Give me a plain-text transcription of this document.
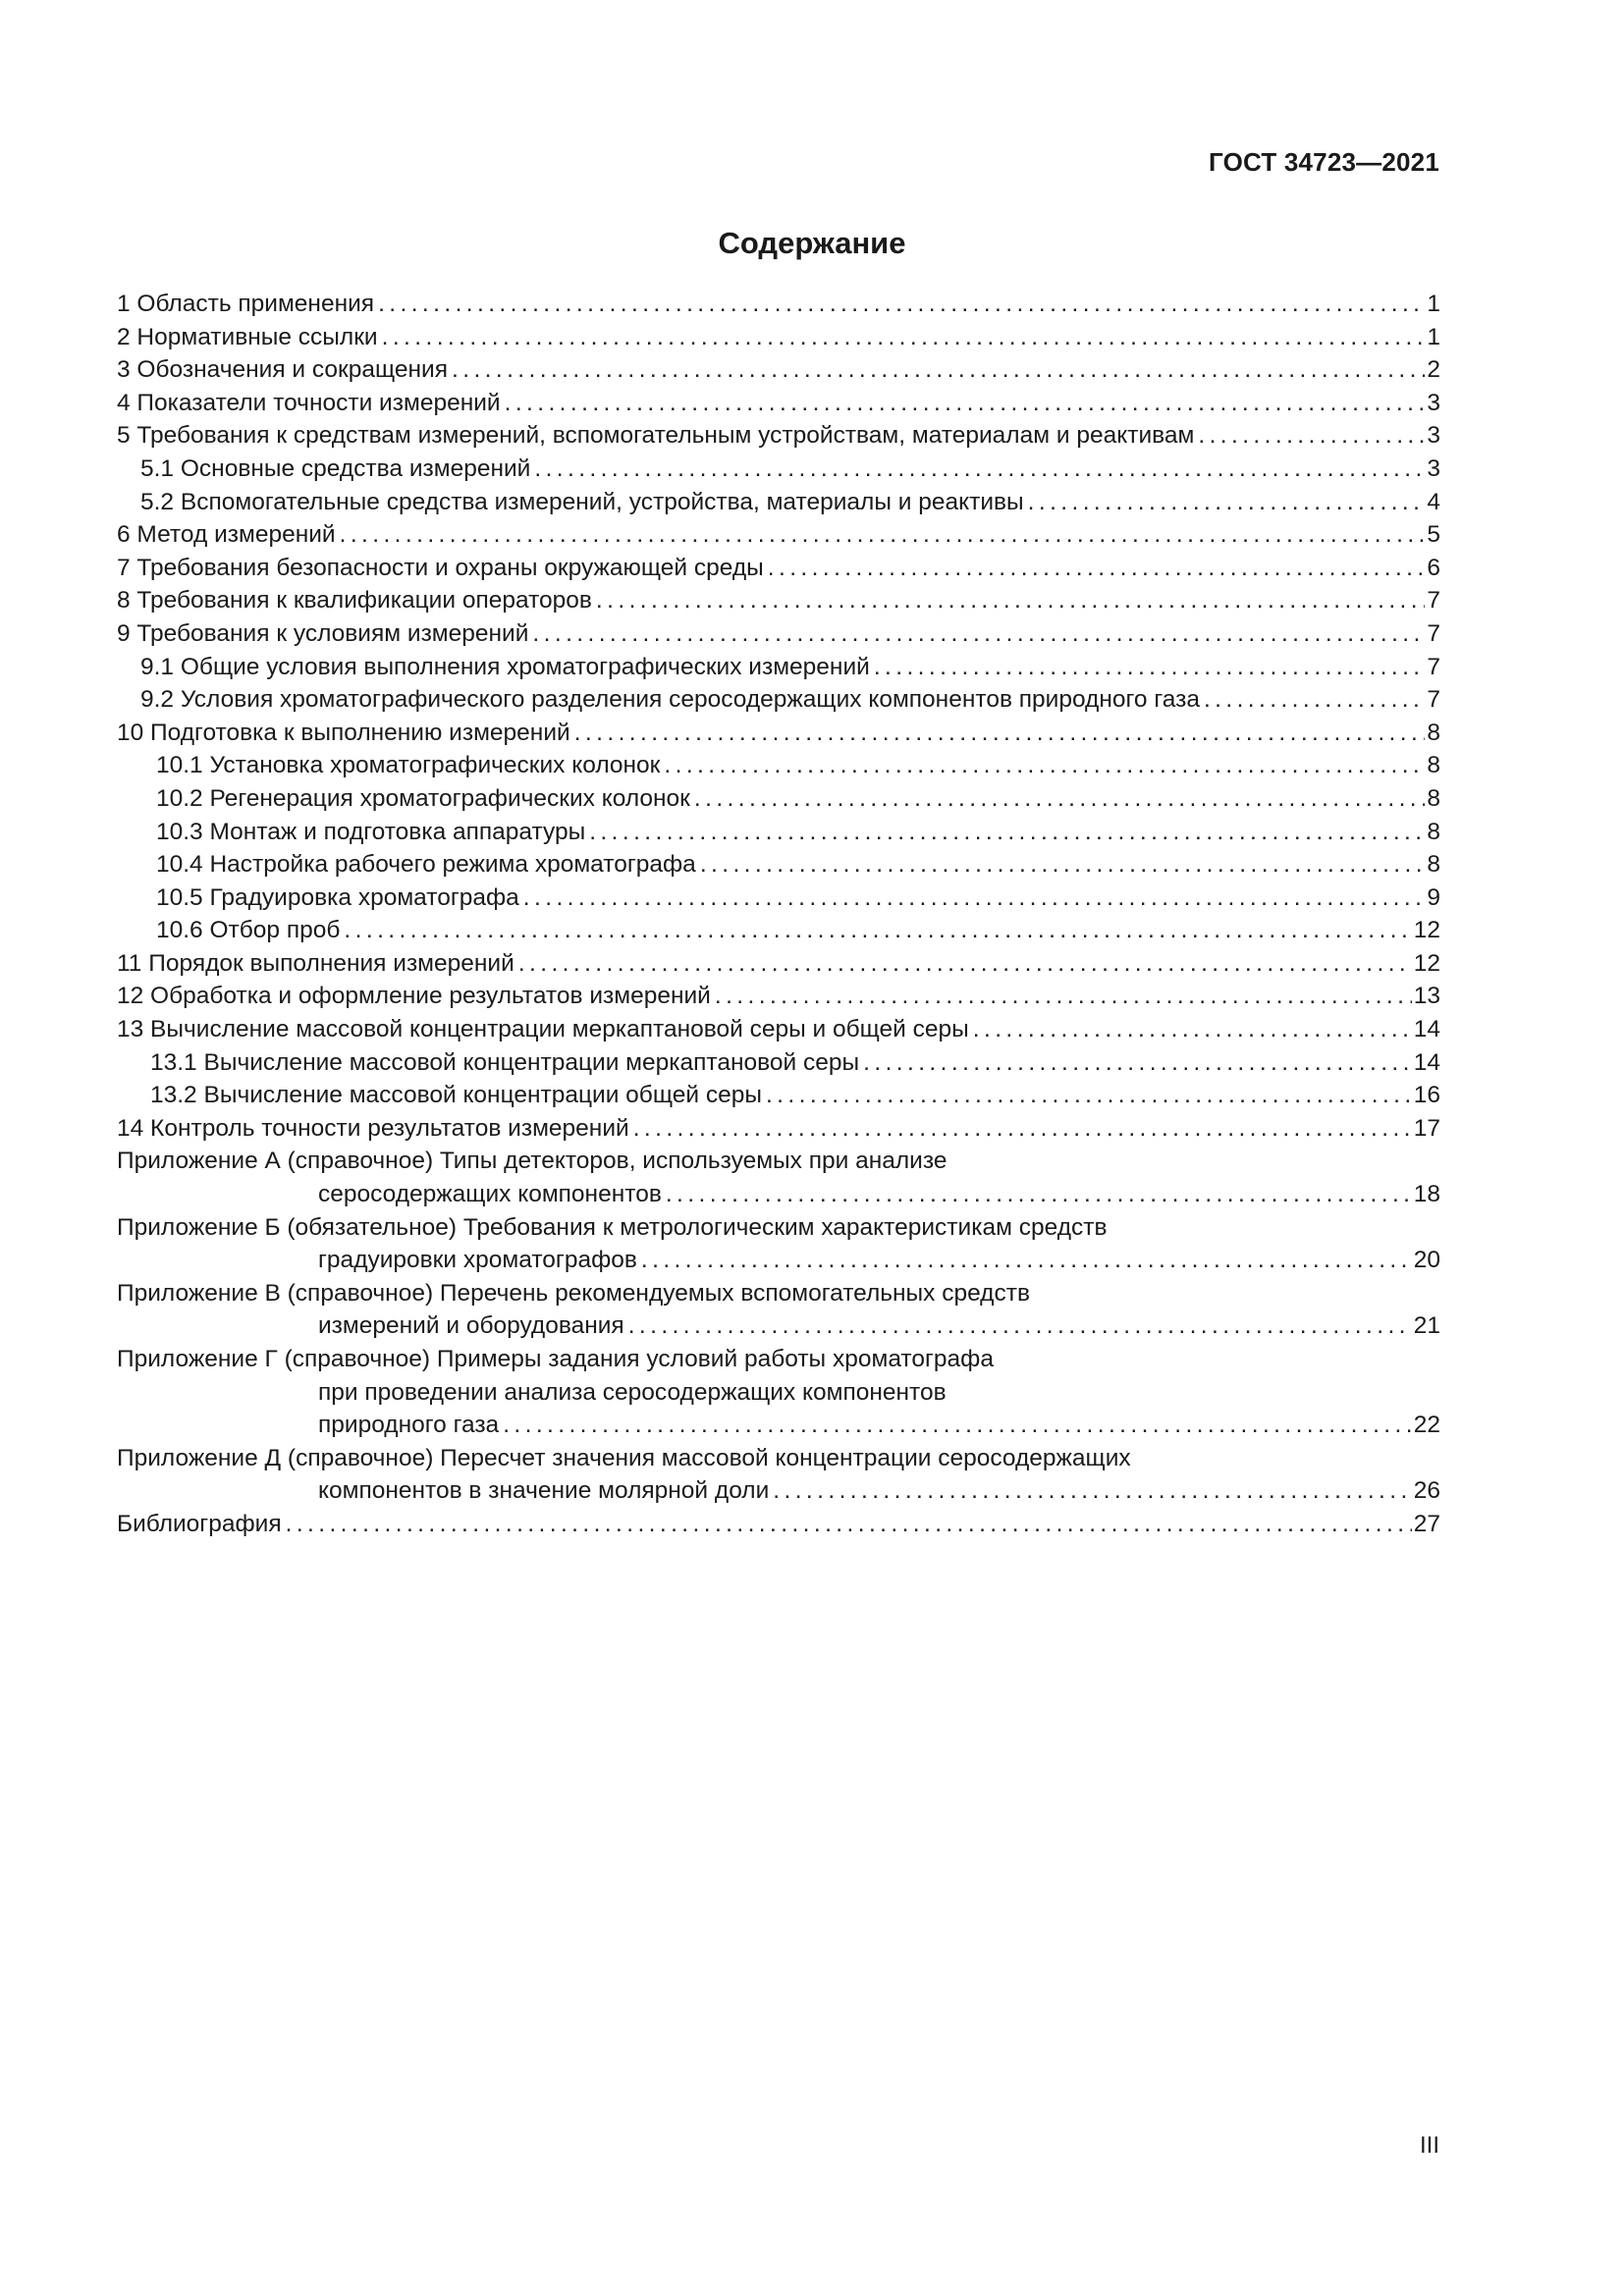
ГОСТ 34723—2021
Содержание
1 Область применения . . .	1
2 Нормативные ссылки . . .	1
3 Обозначения и сокращения . . .	2
4 Показатели точности измерений . . .	3
5 Требования к средствам измерений, вспомогательным устройствам, материалам и реактивам . . .	3
5.1 Основные средства измерений . . .	3
5.2 Вспомогательные средства измерений, устройства, материалы и реактивы . . .	4
6 Метод измерений . . .	5
7 Требования безопасности и охраны окружающей среды . . .	6
8 Требования к квалификации операторов . . .	7
9 Требования к условиям измерений . . .	7
9.1 Общие условия выполнения хроматографических измерений . . .	7
9.2 Условия хроматографического разделения серосодержащих компонентов природного газа . . .	7
10 Подготовка к выполнению измерений . . .	8
10.1 Установка хроматографических колонок . . .	8
10.2 Регенерация хроматографических колонок . . .	8
10.3 Монтаж и подготовка аппаратуры . . .	8
10.4 Настройка рабочего режима хроматографа . . .	8
10.5 Градуировка хроматографа . . .	9
10.6 Отбор проб . . .	12
11 Порядок выполнения измерений . . .	12
12 Обработка и оформление результатов измерений . . .	13
13 Вычисление массовой концентрации меркаптановой серы и общей серы . . .	14
13.1 Вычисление массовой концентрации меркаптановой серы . . .	14
13.2 Вычисление массовой концентрации общей серы . . .	16
14 Контроль точности результатов измерений . . .	17
Приложение А (справочное) Типы детекторов, используемых при анализе
серосодержащих компонентов . . .	18
Приложение Б (обязательное) Требования к метрологическим характеристикам средств
градуировки хроматографов . . .	20
Приложение В (справочное) Перечень рекомендуемых вспомогательных средств
измерений и оборудования . . .	21
Приложение Г (справочное) Примеры задания условий работы хроматографа
при проведении анализа серосодержащих компонентов
природного газа . . .	22
Приложение Д (справочное) Пересчет значения массовой концентрации серосодержащих
компонентов в значение молярной доли . . .	26
Библиография . . .	27
III
